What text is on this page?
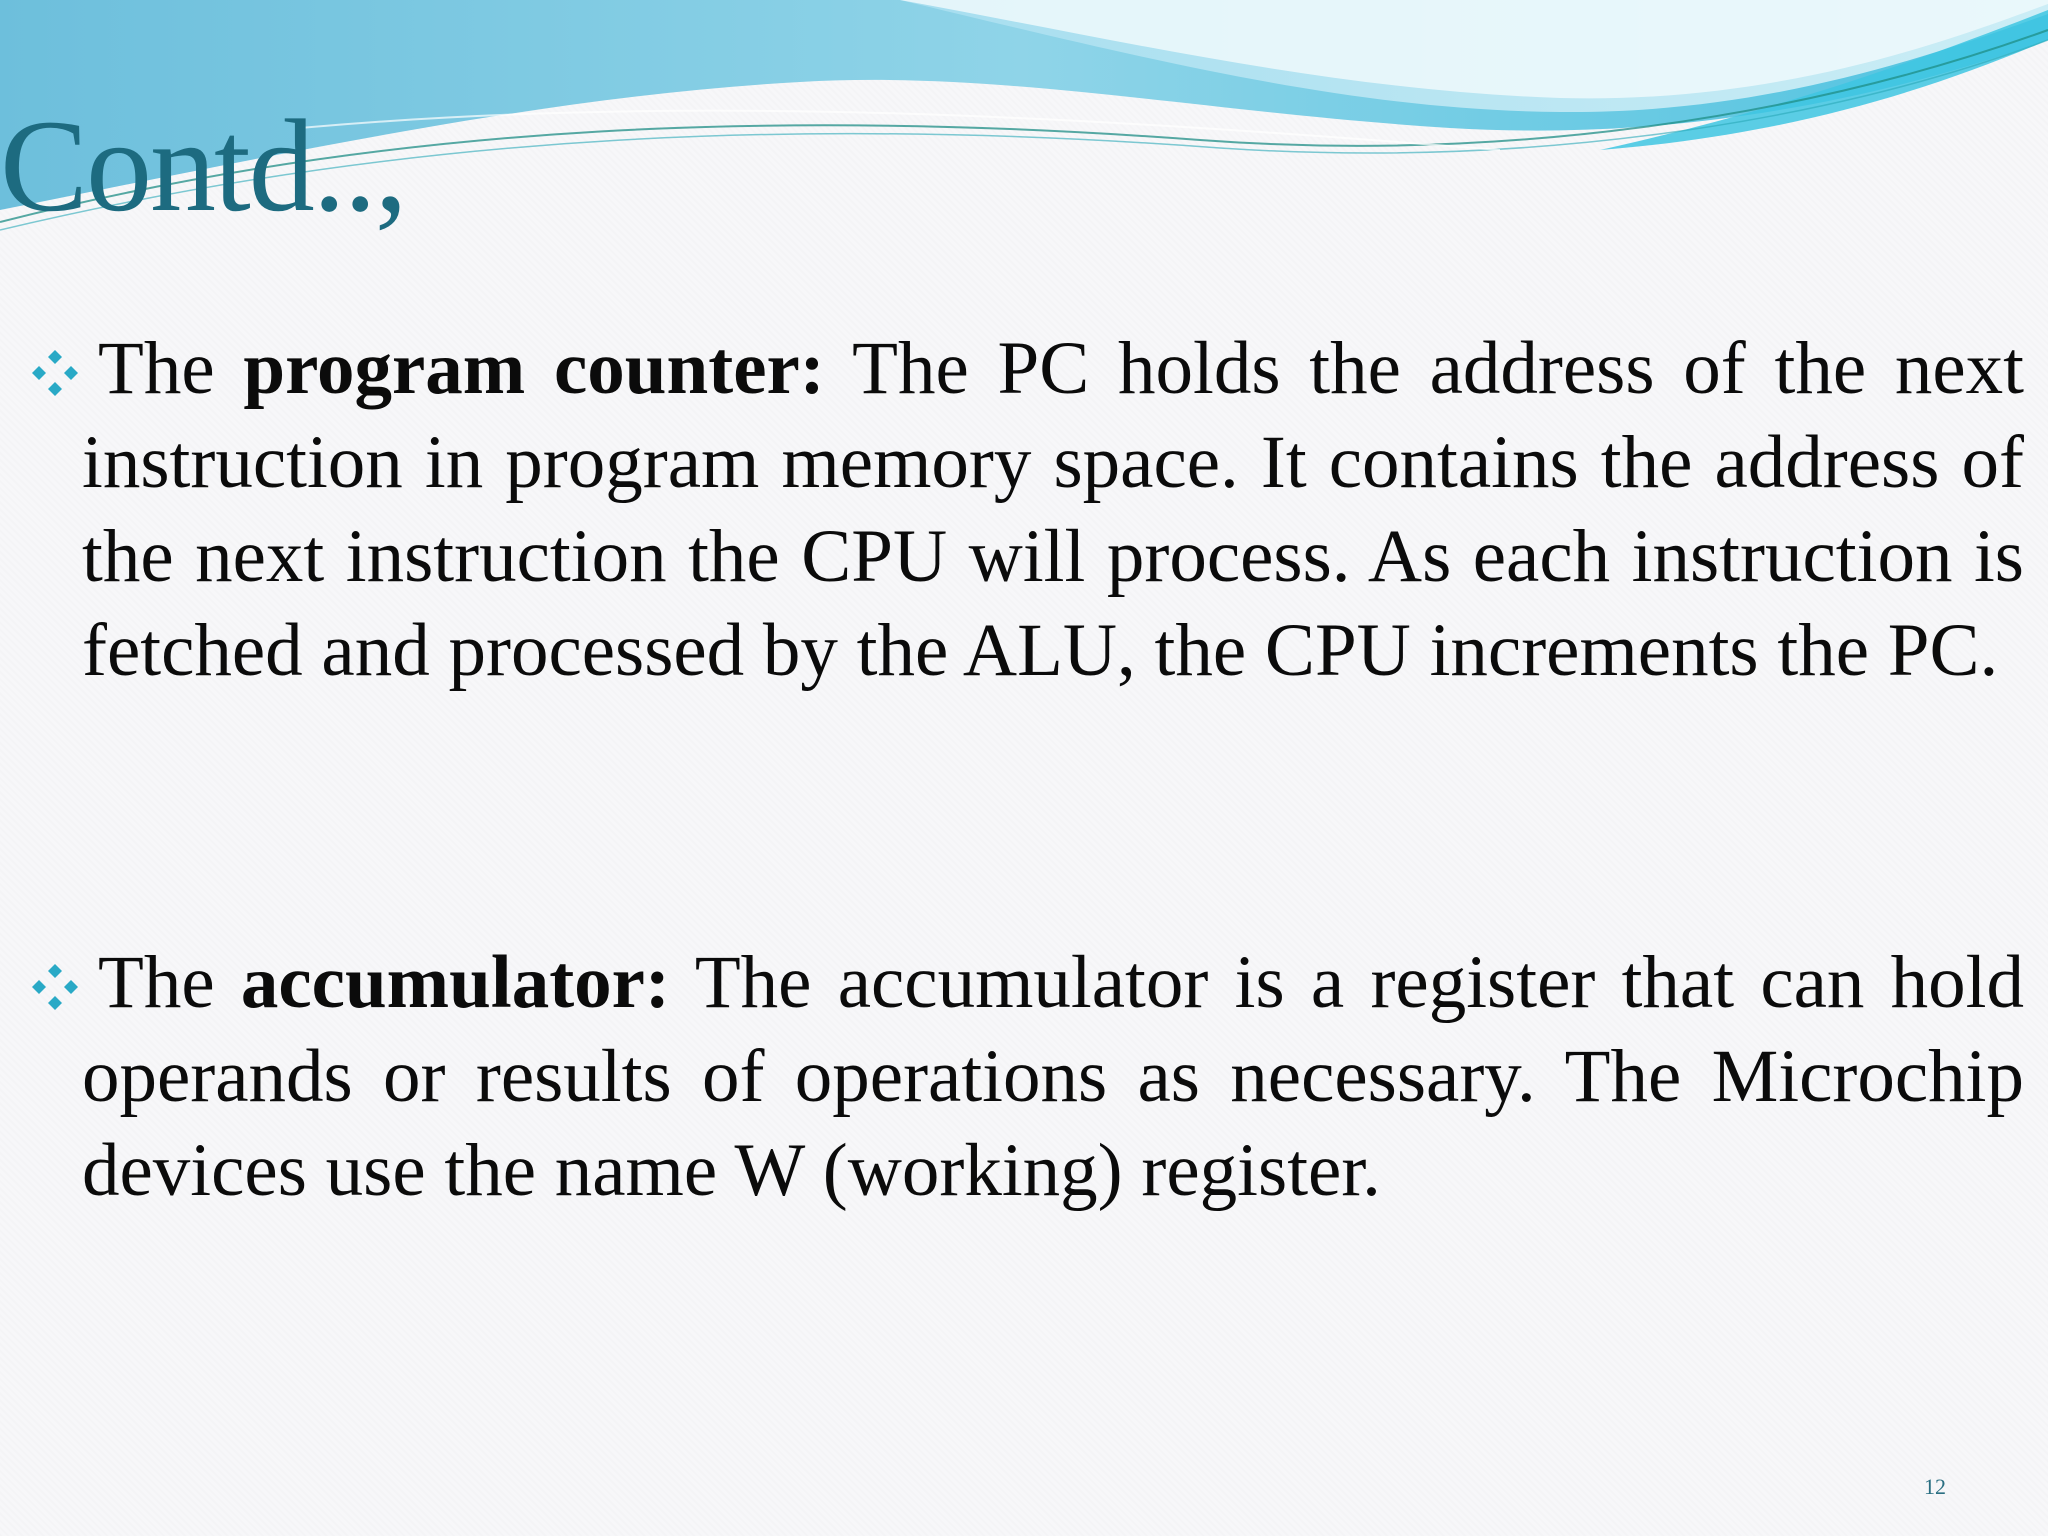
Contd..,

The program counter: The PC holds the address of the next instruction in program memory space. It contains the address of the next instruction the CPU will process. As each instruction is fetched and processed by the ALU, the CPU increments the PC.

The accumulator: The accumulator is a register that can hold operands or results of operations as necessary. The Microchip devices use the name W (working) register.

12
